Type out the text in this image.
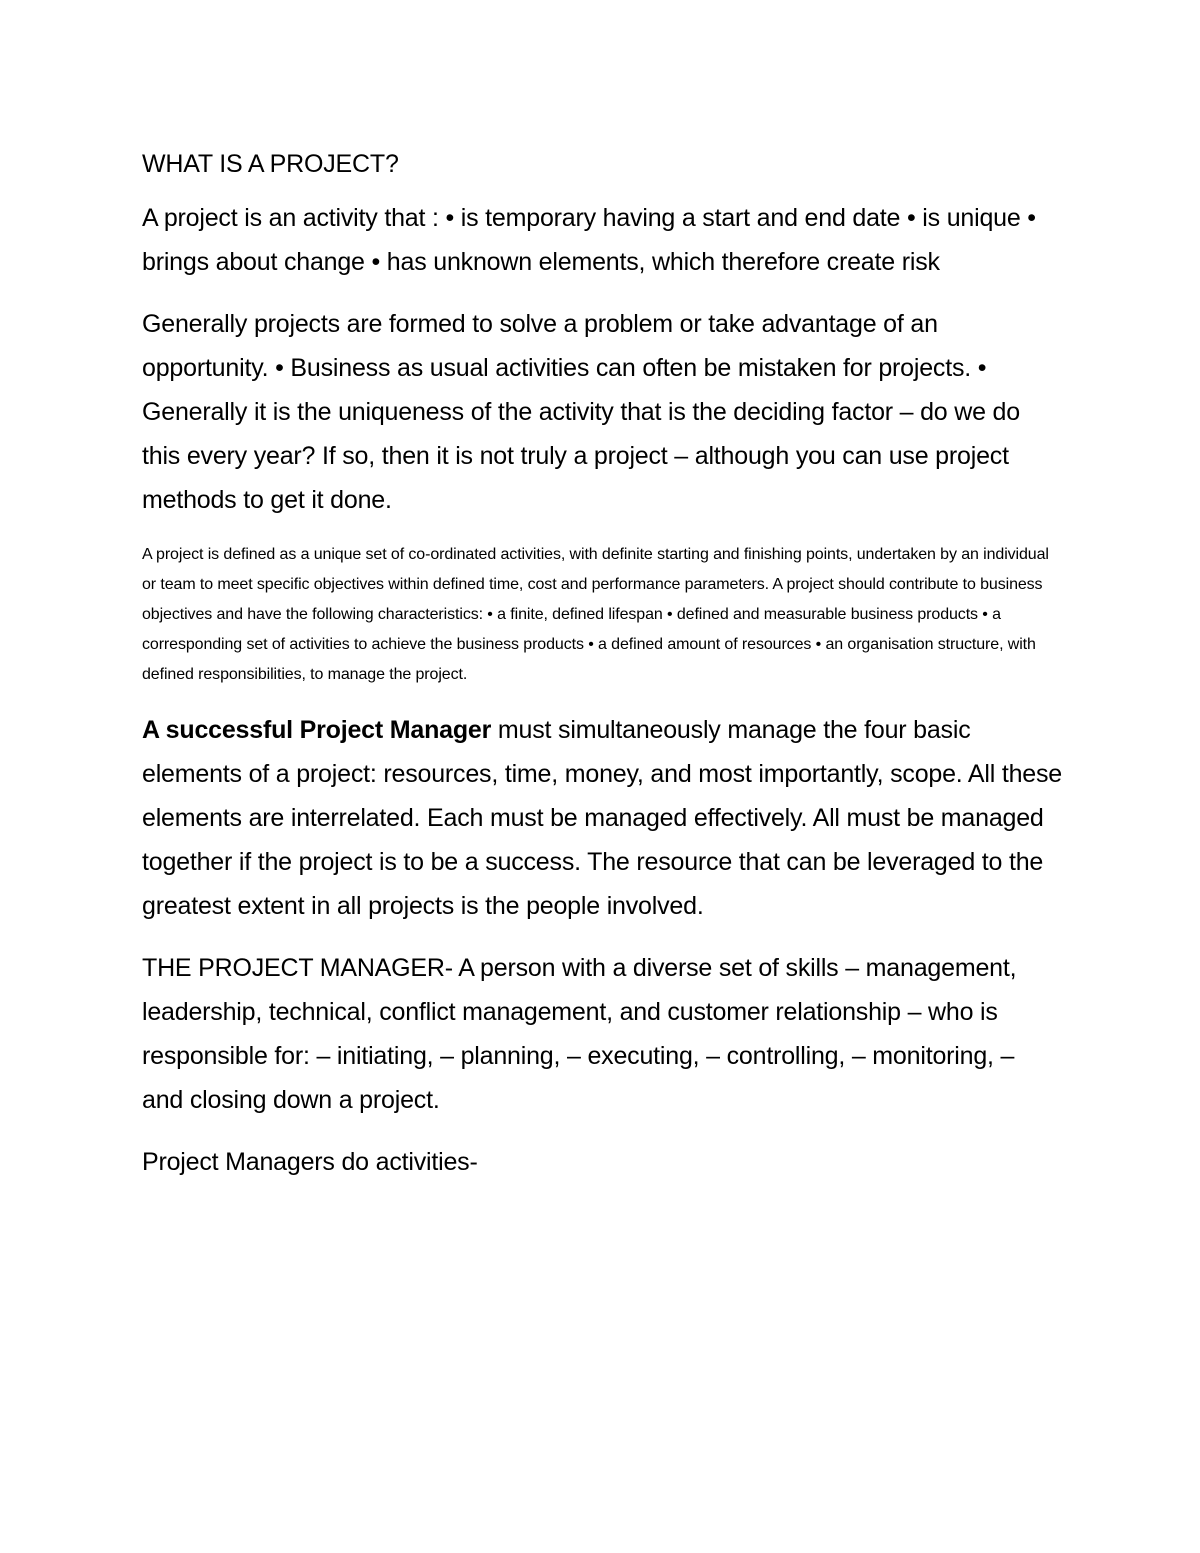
WHAT IS A PROJECT?

A project is an activity that : • is temporary having a start and end date • is unique • brings about change • has unknown elements, which therefore create risk

Generally projects are formed to solve a problem or take advantage of an opportunity. • Business as usual activities can often be mistaken for projects. • Generally it is the uniqueness of the activity that is the deciding factor – do we do this every year? If so, then it is not truly a project – although you can use project methods to get it done.

A project is defined as a unique set of co-ordinated activities, with definite starting and finishing points, undertaken by an individual or team to meet specific objectives within defined time, cost and performance parameters. A project should contribute to business objectives and have the following characteristics: • a finite, defined lifespan • defined and measurable business products • a corresponding set of activities to achieve the business products • a defined amount of resources • an organisation structure, with defined responsibilities, to manage the project.

A successful Project Manager must simultaneously manage the four basic elements of a project: resources, time, money, and most importantly, scope. All these elements are interrelated. Each must be managed effectively. All must be managed together if the project is to be a success. The resource that can be leveraged to the greatest extent in all projects is the people involved.

THE PROJECT MANAGER- A person with a diverse set of skills – management, leadership, technical, conflict management, and customer relationship – who is responsible for: – initiating, – planning, – executing, – controlling, – monitoring, – and closing down a project.

Project Managers do activities-
